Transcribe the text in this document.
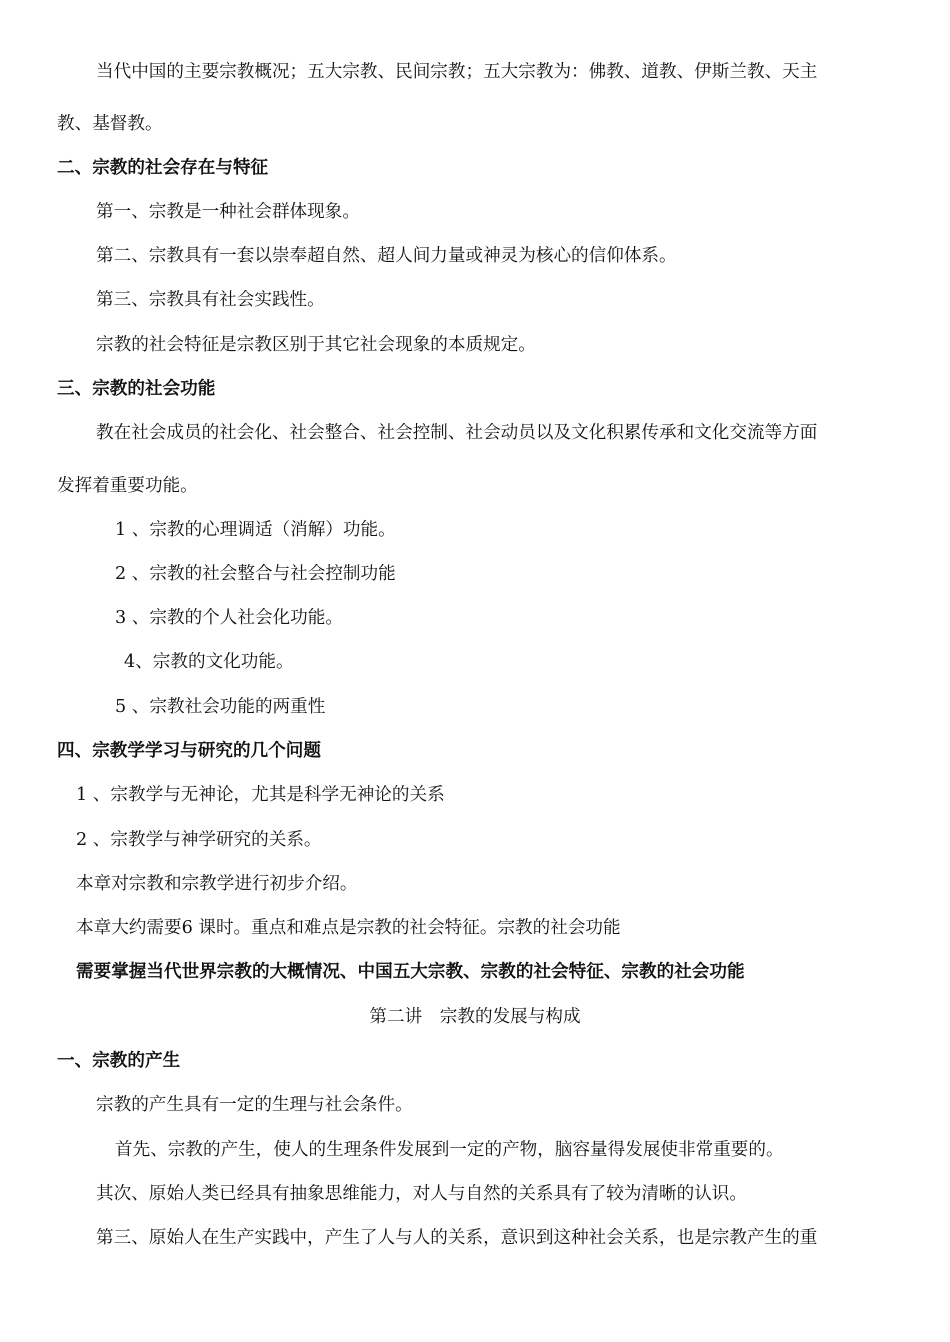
当代中国的主要宗教概况；五大宗教、民间宗教；五大宗教为：佛教、道教、伊斯兰教、天主
教、基督教。
二、宗教的社会存在与特征
第一、宗教是一种社会群体现象。
第二、宗教具有一套以崇奉超自然、超人间力量或神灵为核心的信仰体系。
第三、宗教具有社会实践性。
宗教的社会特征是宗教区别于其它社会现象的本质规定。
三、宗教的社会功能
教在社会成员的社会化、社会整合、社会控制、社会动员以及文化积累传承和文化交流等方面
发挥着重要功能。
1 、宗教的心理调适（消解）功能。
2 、宗教的社会整合与社会控制功能
3 、宗教的个人社会化功能。
4、宗教的文化功能。
5 、宗教社会功能的两重性
四、宗教学学习与研究的几个问题
1 、宗教学与无神论，尤其是科学无神论的关系
2 、宗教学与神学研究的关系。
本章对宗教和宗教学进行初步介绍。
本章大约需要6 课时。重点和难点是宗教的社会特征。宗教的社会功能
需要掌握当代世界宗教的大概情况、中国五大宗教、宗教的社会特征、宗教的社会功能
第二讲　宗教的发展与构成
一、宗教的产生
宗教的产生具有一定的生理与社会条件。
首先、宗教的产生，使人的生理条件发展到一定的产物，脑容量得发展使非常重要的。
其次、原始人类已经具有抽象思维能力，对人与自然的关系具有了较为清晰的认识。
第三、原始人在生产实践中，产生了人与人的关系，意识到这种社会关系，也是宗教产生的重
